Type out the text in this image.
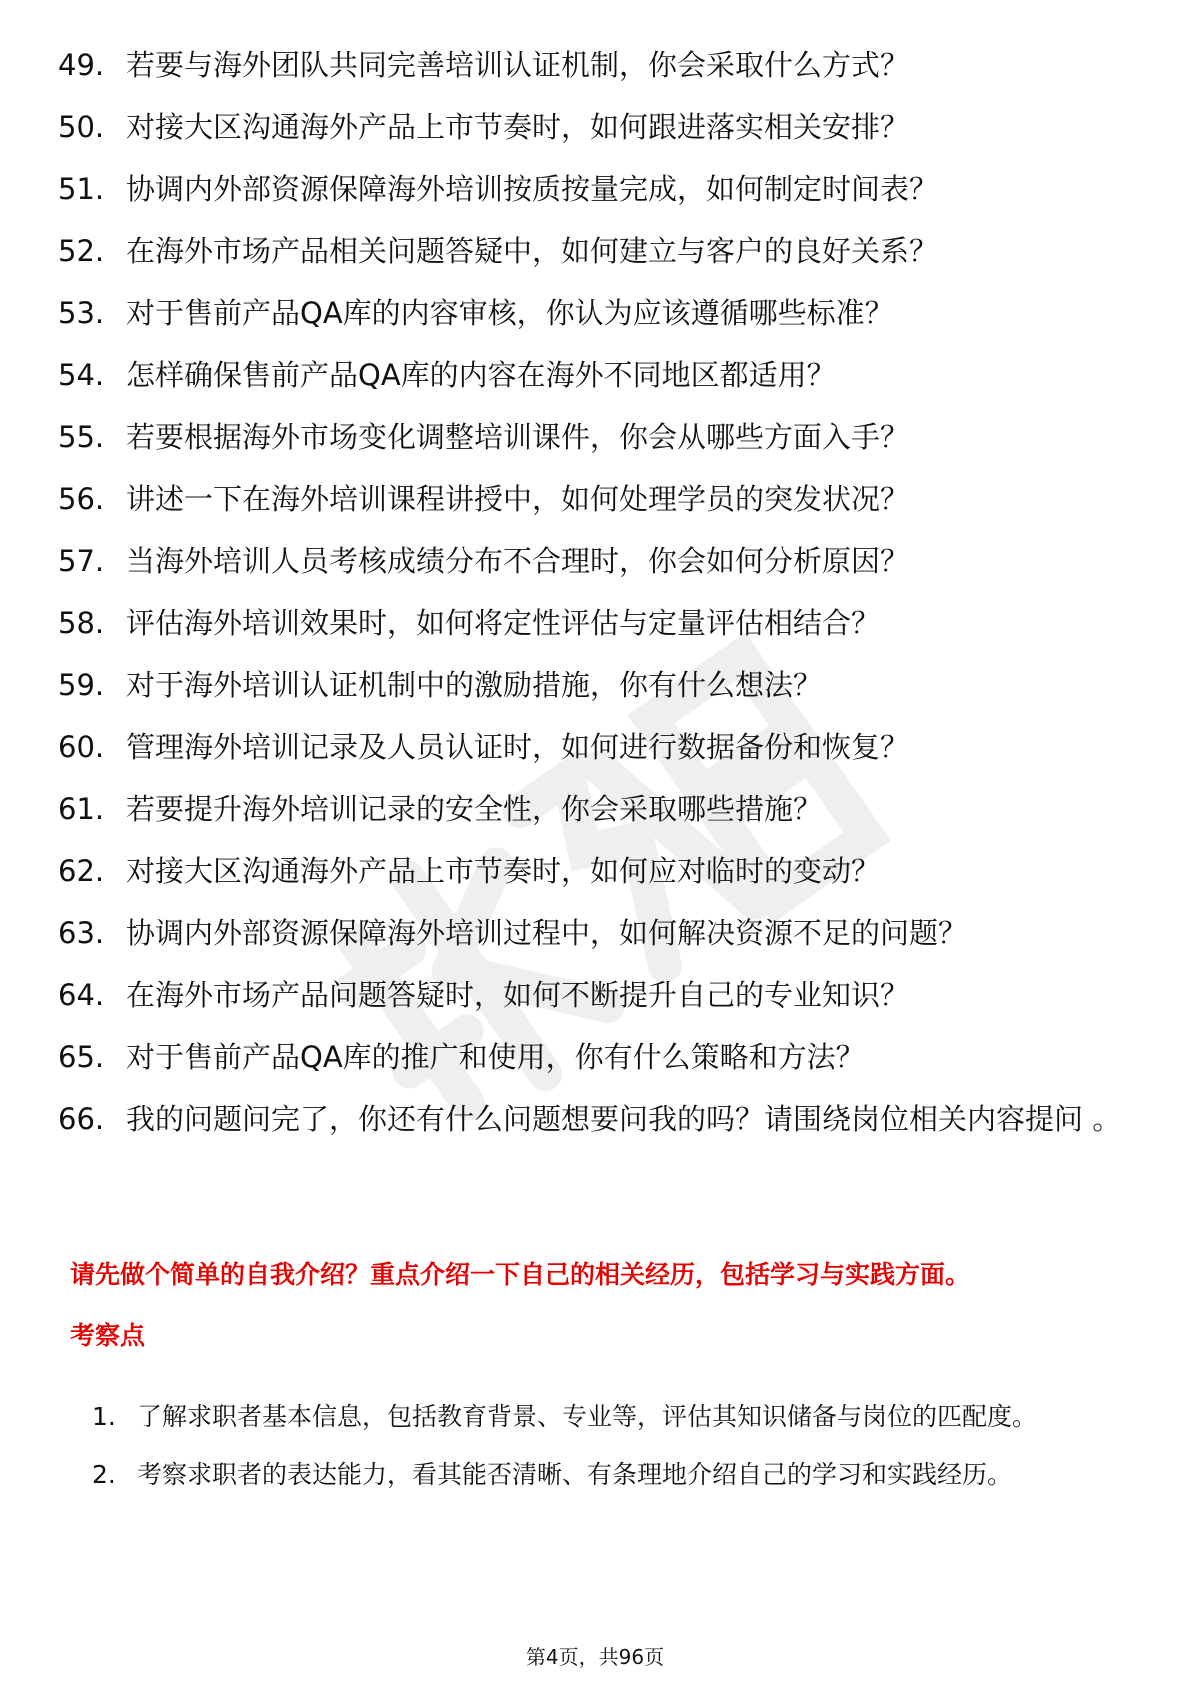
49. 若要与海外团队共同完善培训认证机制，你会采取什么方式？
50. 对接大区沟通海外产品上市节奏时，如何跟进落实相关安排？
51. 协调内外部资源保障海外培训按质按量完成，如何制定时间表？
52. 在海外市场产品相关问题答疑中，如何建立与客户的良好关系？
53. 对于售前产品QA库的内容审核，你认为应该遵循哪些标准？
54. 怎样确保售前产品QA库的内容在海外不同地区都适用？
55. 若要根据海外市场变化调整培训课件，你会从哪些方面入手？
56. 讲述一下在海外培训课程讲授中，如何处理学员的突发状况？
57. 当海外培训人员考核成绩分布不合理时，你会如何分析原因？
58. 评估海外培训效果时，如何将定性评估与定量评估相结合？
59. 对于海外培训认证机制中的激励措施，你有什么想法？
60. 管理海外培训记录及人员认证时，如何进行数据备份和恢复？
61. 若要提升海外培训记录的安全性，你会采取哪些措施？
62. 对接大区沟通海外产品上市节奏时，如何应对临时的变动？
63. 协调内外部资源保障海外培训过程中，如何解决资源不足的问题？
64. 在海外市场产品问题答疑时，如何不断提升自己的专业知识？
65. 对于售前产品QA库的推广和使用，你有什么策略和方法？
66. 我的问题问完了，你还有什么问题想要问我的吗？请围绕岗位相关内容提问 。
请先做个简单的自我介绍？重点介绍一下自己的相关经历，包括学习与实践方面。
考察点
1. 了解求职者基本信息，包括教育背景、专业等，评估其知识储备与岗位的匹配度。
2. 考察求职者的表达能力，看其能否清晰、有条理地介绍自己的学习和实践经历。
第4页，共96页
